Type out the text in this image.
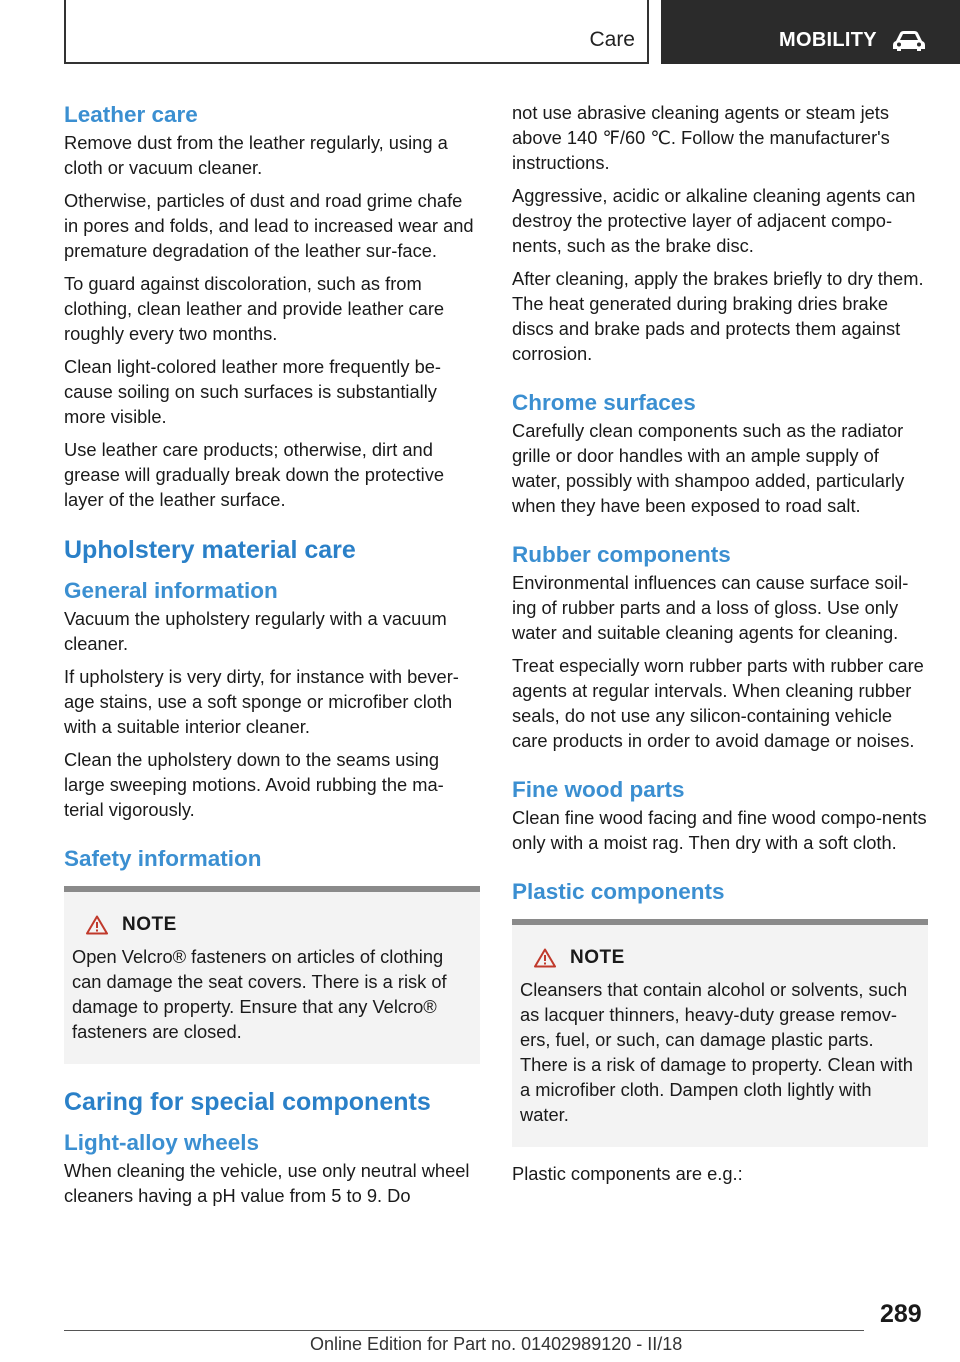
Care	MOBILITY
Leather care

Remove dust from the leather regularly, using a cloth or vacuum cleaner.

Otherwise, particles of dust and road grime chafe in pores and folds, and lead to increased wear and premature degradation of the leather sur‐face.

To guard against discoloration, such as from clothing, clean leather and provide leather care roughly every two months.

Clean light-colored leather more frequently be‐cause soiling on such surfaces is substantially more visible.

Use leather care products; otherwise, dirt and grease will gradually break down the protective layer of the leather surface.

Upholstery material care
General information

Vacuum the upholstery regularly with a vacuum cleaner.

If upholstery is very dirty, for instance with bever‐age stains, use a soft sponge or microfiber cloth with a suitable interior cleaner.

Clean the upholstery down to the seams using large sweeping motions. Avoid rubbing the ma‐terial vigorously.

Safety information
NOTE

Open Velcro® fasteners on articles of clothing can damage the seat covers. There is a risk of damage to property. Ensure that any Velcro® fasteners are closed.

Caring for special components
Light-alloy wheels

When cleaning the vehicle, use only neutral wheel cleaners having a pH value from 5 to 9. Do

not use abrasive cleaning agents or steam jets above 140 ℉/60 ℃. Follow the manufacturer's instructions.

Aggressive, acidic or alkaline cleaning agents can destroy the protective layer of adjacent compo‐nents, such as the brake disc.

After cleaning, apply the brakes briefly to dry them. The heat generated during braking dries brake discs and brake pads and protects them against corrosion.

Chrome surfaces

Carefully clean components such as the radiator grille or door handles with an ample supply of water, possibly with shampoo added, particularly when they have been exposed to road salt.

Rubber components

Environmental influences can cause surface soil‐ing of rubber parts and a loss of gloss. Use only water and suitable cleaning agents for cleaning.

Treat especially worn rubber parts with rubber care agents at regular intervals. When cleaning rubber seals, do not use any silicon-containing vehicle care products in order to avoid damage or noises.

Fine wood parts

Clean fine wood facing and fine wood compo‐nents only with a moist rag. Then dry with a soft cloth.

Plastic components
NOTE

Cleansers that contain alcohol or solvents, such as lacquer thinners, heavy-duty grease remov‐ers, fuel, or such, can damage plastic parts. There is a risk of damage to property. Clean with a microfiber cloth. Dampen cloth lightly with water.

Plastic components are e.g.:

289
Online Edition for Part no. 01402989120 - II/18
